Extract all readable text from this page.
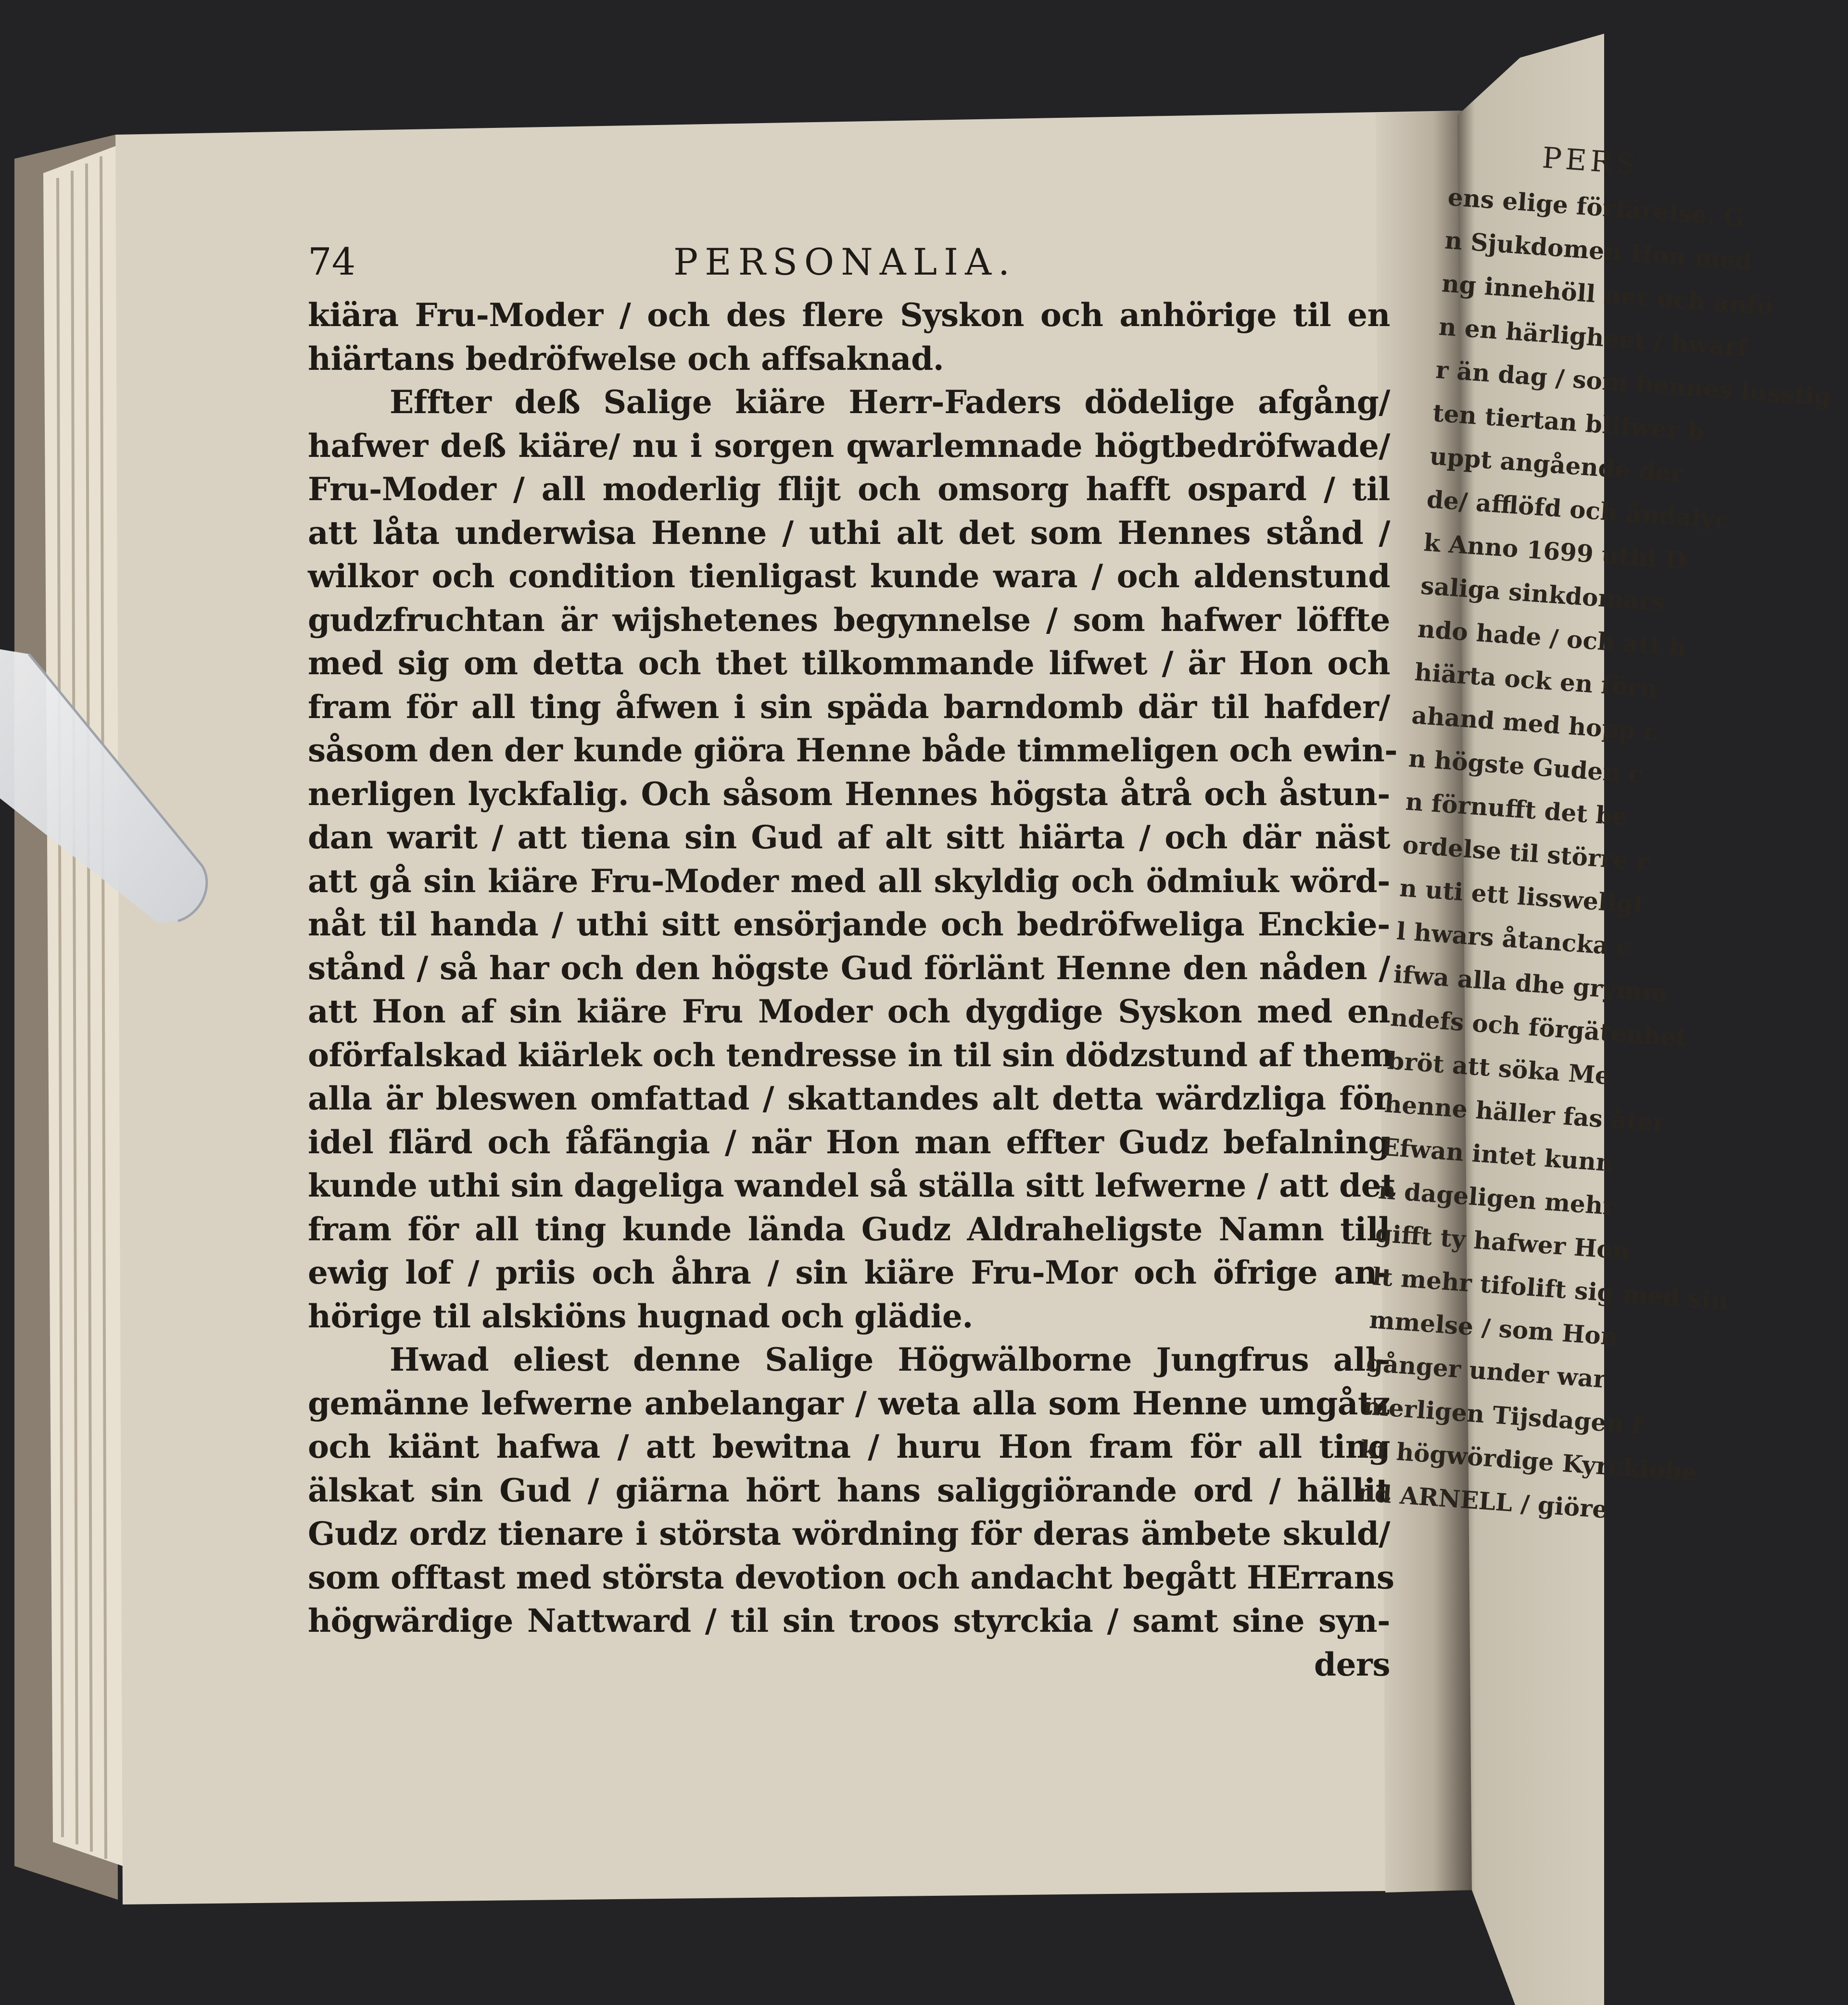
74	PERSONALIA.
kiära Fru-Moder / och des flere Syskon och anhörige til en
hiärtans bedröfwelse och affsaknad.
Effter deß Salige kiäre Herr-Faders dödelige afgång/
hafwer deß kiäre/ nu i sorgen qwarlemnade högtbedröfwade/
Fru-Moder / all moderlig flijt och omsorg hafft ospard / til
att låta underwisa Henne / uthi alt det som Hennes stånd /
wilkor och condition tienligast kunde wara / och aldenstund
gudzfruchtan är wijshetenes begynnelse / som hafwer löffte
med sig om detta och thet tilkommande lifwet / är Hon och
fram för all ting åfwen i sin späda barndomb där til hafder/
såsom den der kunde giöra Henne både timmeligen och ewin-
nerligen lyckfalig. Och såsom Hennes högsta åtrå och åstun-
dan warit / att tiena sin Gud af alt sitt hiärta / och där näst
att gå sin kiäre Fru-Moder med all skyldig och ödmiuk wörd-
nåt til handa / uthi sitt ensörjande och bedröfweliga Enckie-
stånd / så har och den högste Gud förlänt Henne den nåden /
att Hon af sin kiäre Fru Moder och dygdige Syskon med en
oförfalskad kiärlek och tendresse in til sin dödzstund af them
alla är bleswen omfattad / skattandes alt detta wärdzliga för
idel flärd och fåfängia / när Hon man effter Gudz befalning
kunde uthi sin dageliga wandel så ställa sitt lefwerne / att det
fram för all ting kunde lända Gudz Aldraheligste Namn till
ewig lof / priis och åhra / sin kiäre Fru-Mor och öfrige an-
hörige til alskiöns hugnad och glädie.
Hwad eliest denne Salige Högwälborne Jungfrus all-
gemänne lefwerne anbelangar / weta alla som Henne umgåtz
och kiänt hafwa / att bewitna / huru Hon fram för all ting
älskat sin Gud / giärna hört hans saliggiörande ord / hällit
Gudz ordz tienare i största wördning för deras ämbete skuld/
som offtast med största devotion och andacht begått HErrans
högwärdige Nattward / til sin troos styrckia / samt sine syn-
ders
PERS
ens elige förfärelse. G
n Sjukdomen Hon med
ng innehöll ner och anfö
n en härligheet / hwarf
r än dag / som hennes lusstig
ten tiertan blifwer b
uppt angående der
de/ afflöfd och åndalyc
k Anno 1699 uthi D
saliga sinkdomars
ndo hade / och att h
hiärta ock en förn
ahand med hopp c
n högste Guden c
n förnufft det be
ordelse til större r
n uti ett lissweligt
l hwars åtancka c
ifwa alla dhe grymm
ndefs och förgätenbet
bröt att söka Me
henne häller fas åter
Efwan intet kunn
n dageligen mehr
gifft ty hafwer Hon
lt mehr tifolift sig med sin
mmelse / som Hon
gånger under war
merligen Tijsdagen f
kt högwördige Kyrckiobe
nd ARNELL / giöre
